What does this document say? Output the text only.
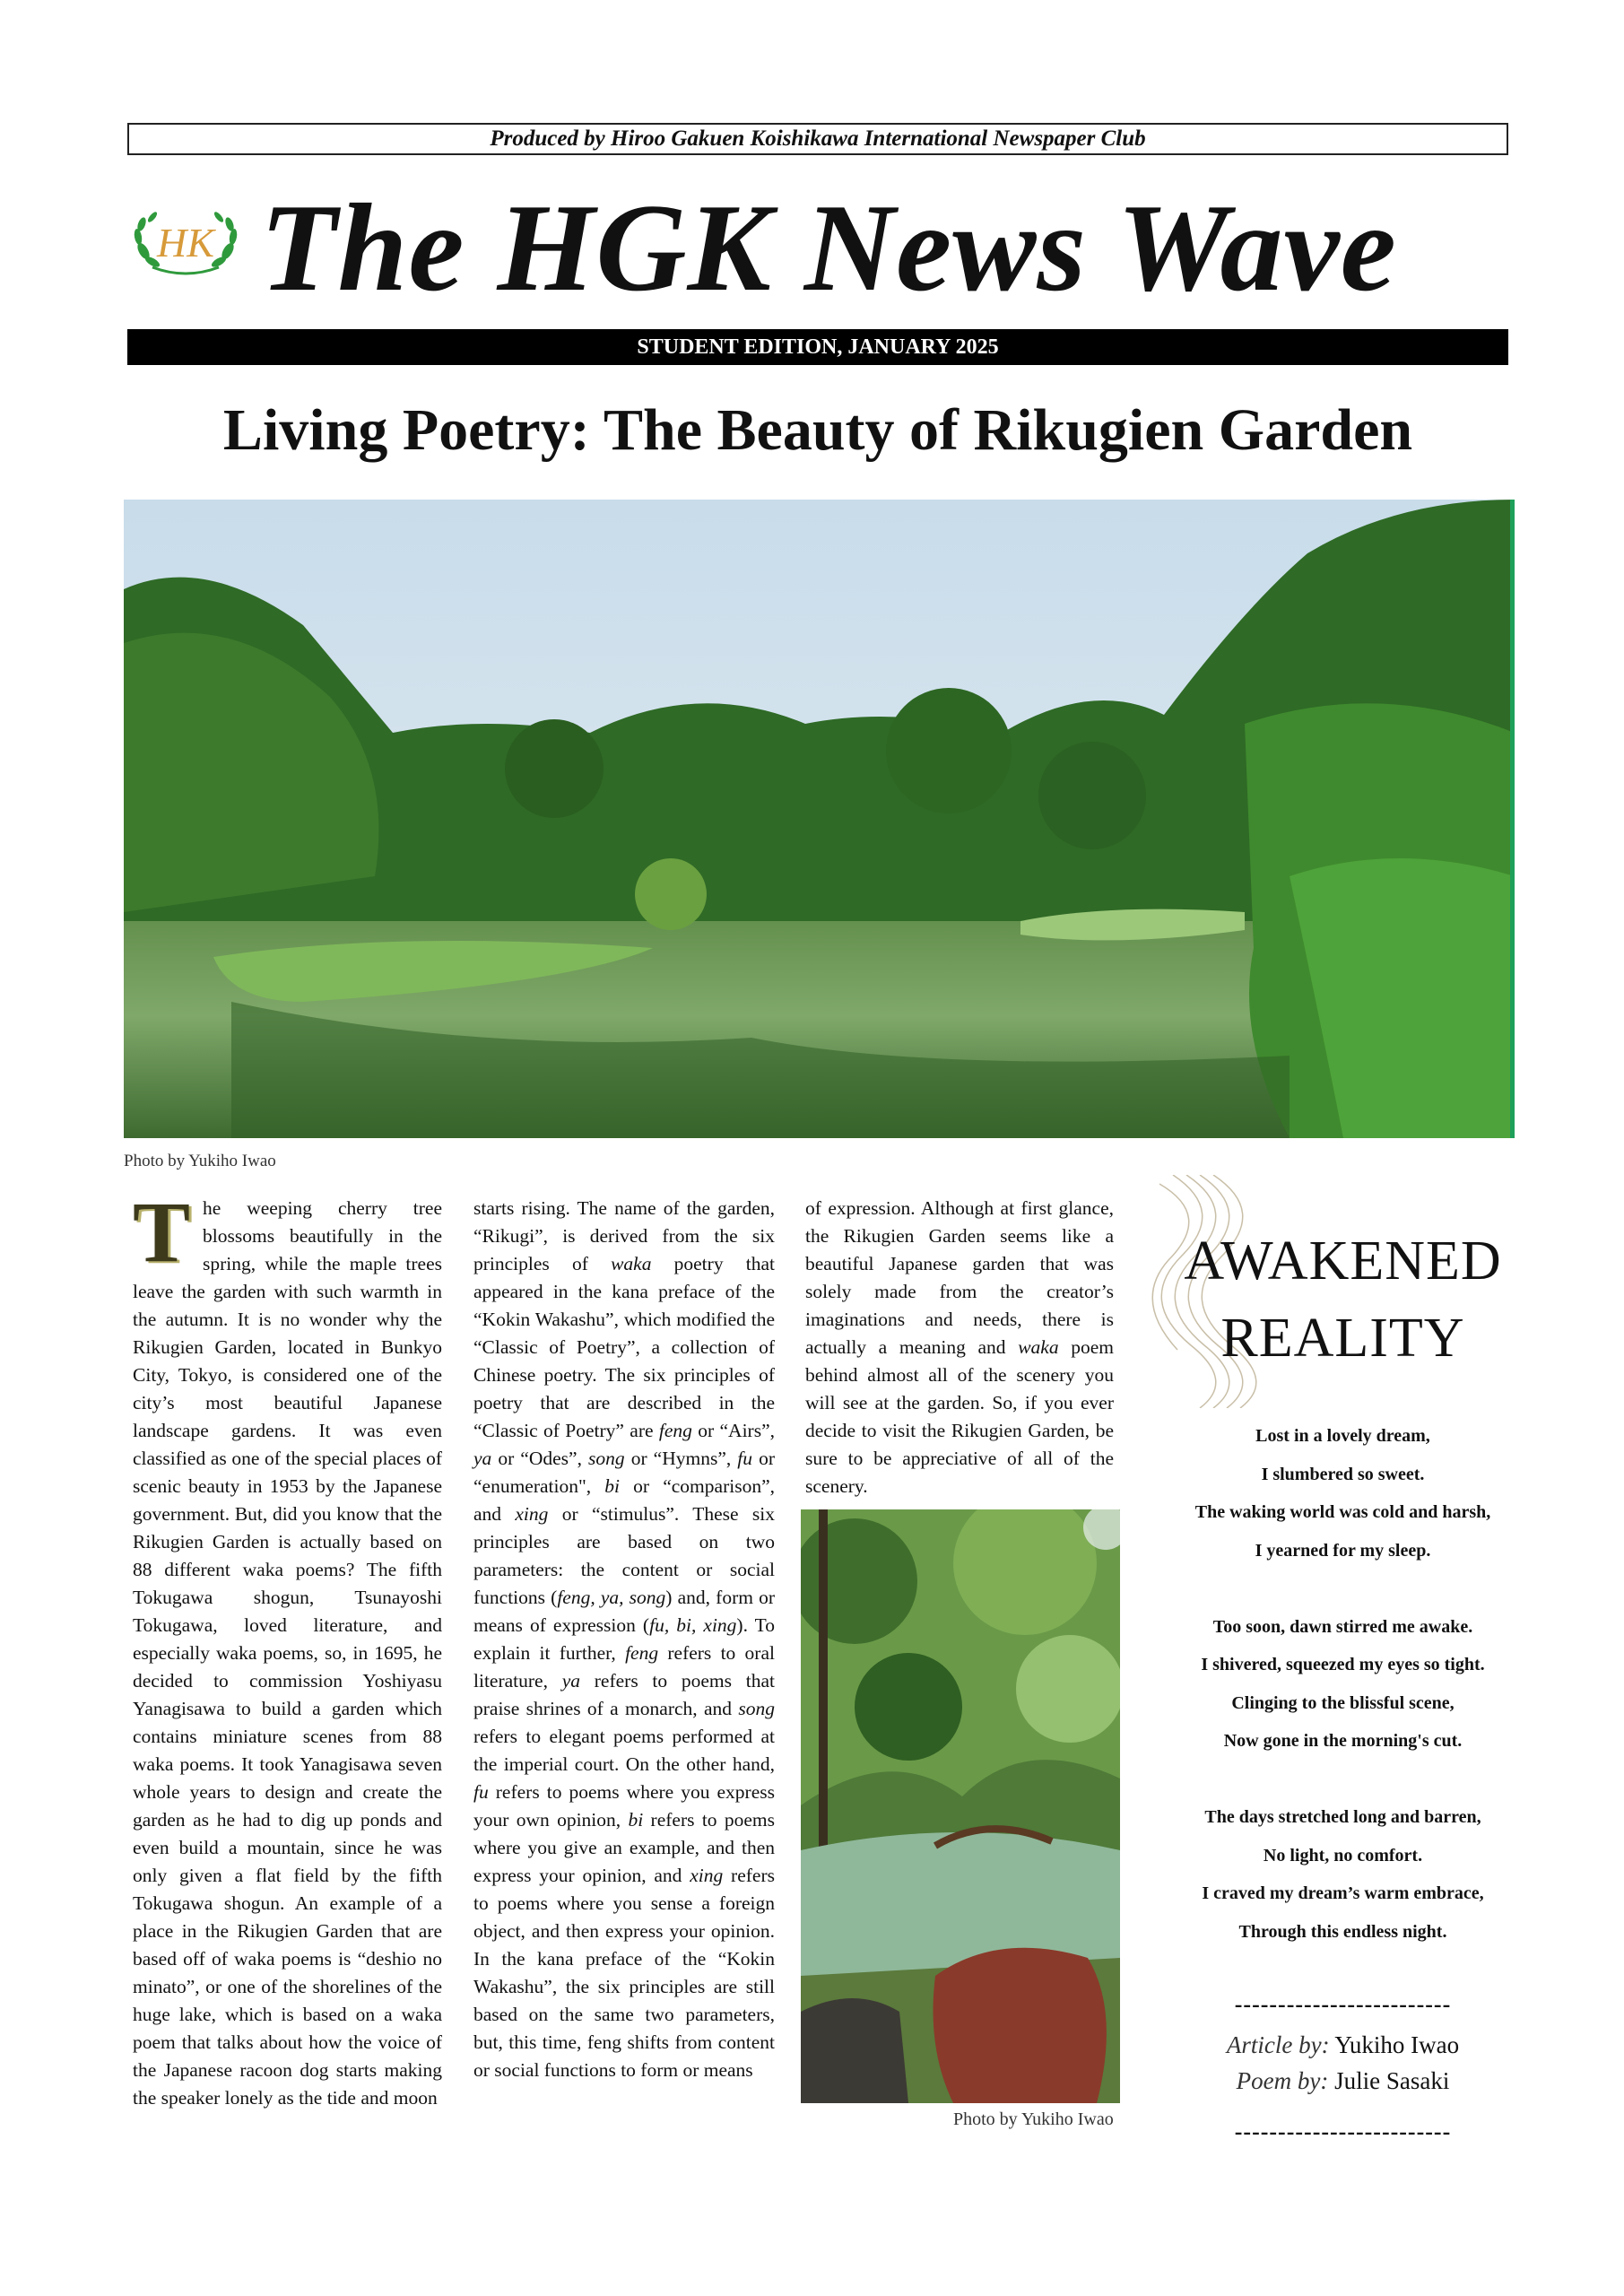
Produced by Hiroo Gakuen Koishikawa International Newspaper Club
HK The HGK News Wave
STUDENT EDITION, JANUARY 2025
Living Poetry: The Beauty of Rikugien Garden
Photo by Yukiho Iwao
The weeping cherry tree blossoms beautifully in the spring, while the maple trees leave the garden with such warmth in the autumn. It is no wonder why the Rikugien Garden, located in Bunkyo City, Tokyo, is considered one of the city’s most beautiful Japanese landscape gardens. It was even classified as one of the special places of scenic beauty in 1953 by the Japanese government. But, did you know that the Rikugien Garden is actually based on 88 different waka poems? The fifth Tokugawa shogun, Tsunayoshi Tokugawa, loved literature, and especially waka poems, so, in 1695, he decided to commission Yoshiyasu Yanagisawa to build a garden which contains miniature scenes from 88 waka poems. It took Yanagisawa seven whole years to design and create the garden as he had to dig up ponds and even build a mountain, since he was only given a flat field by the fifth Tokugawa shogun. An example of a place in the Rikugien Garden that are based off of waka poems is “deshio no minato”, or one of the shorelines of the huge lake, which is based on a waka poem that talks about how the voice of the Japanese racoon dog starts making the speaker lonely as the tide and moon
starts rising. The name of the garden, “Rikugi”, is derived from the six principles of waka poetry that appeared in the kana preface of the “Kokin Wakashu”, which modified the “Classic of Poetry”, a collection of Chinese poetry. The six principles of poetry that are described in the “Classic of Poetry” are feng or “Airs”, ya or “Odes”, song or “Hymns”, fu or “enumeration", bi or “comparison”, and xing or “stimulus”. These six principles are based on two parameters: the content or social functions (feng, ya, song) and, form or means of expression (fu, bi, xing). To explain it further, feng refers to oral literature, ya refers to poems that praise shrines of a monarch, and song refers to elegant poems performed at the imperial court. On the other hand, fu refers to poems where you express your own opinion, bi refers to poems where you give an example, and then express your opinion, and xing refers to poems where you sense a foreign object, and then express your opinion. In the kana preface of the “Kokin Wakashu”, the six principles are still based on the same two parameters, but, this time, feng shifts from content or social functions to form or means
of expression. Although at first glance, the Rikugien Garden seems like a beautiful Japanese garden that was solely made from the creator’s imaginations and needs, there is actually a meaning and waka poem behind almost all of the scenery you will see at the garden. So, if you ever decide to visit the Rikugien Garden, be sure to be appreciative of all of the scenery.
Photo by Yukiho Iwao
AWAKENED
REALITY
Lost in a lovely dream,
I slumbered so sweet.
The waking world was cold and harsh,
I yearned for my sleep.
Too soon, dawn stirred me awake.
I shivered, squeezed my eyes so tight.
Clinging to the blissful scene,
Now gone in the morning's cut.
The days stretched long and barren,
No light, no comfort.
I craved my dream’s warm embrace,
Through this endless night.
-------------------------
Article by: Yukiho Iwao
Poem by: Julie Sasaki
-------------------------
